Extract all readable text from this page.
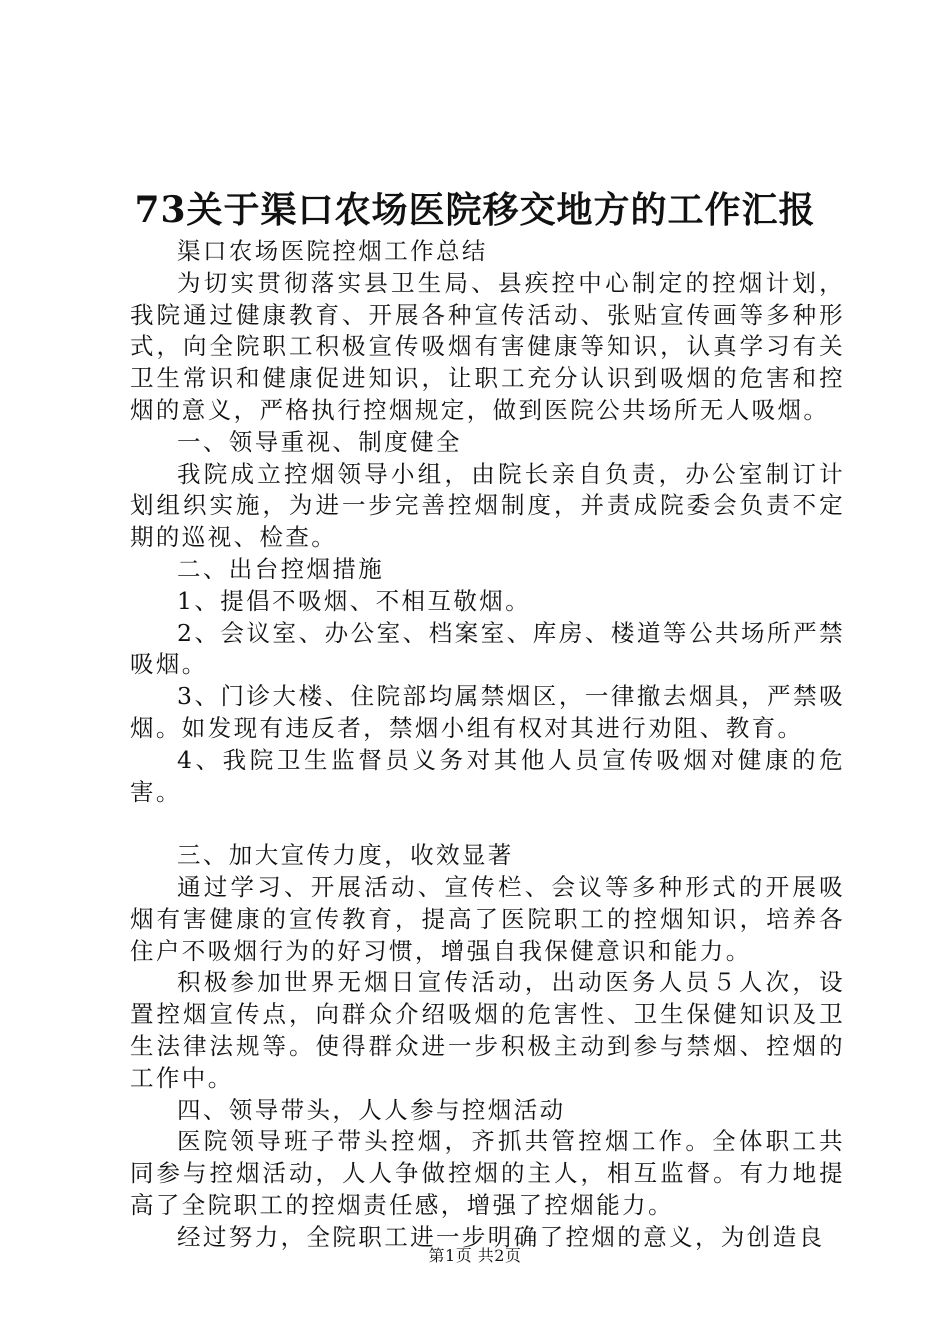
73关于渠口农场医院移交地方的工作汇报

渠口农场医院控烟工作总结

为切实贯彻落实县卫生局、县疾控中心制定的控烟计划，我院通过健康教育、开展各种宣传活动、张贴宣传画等多种形式，向全院职工积极宣传吸烟有害健康等知识，认真学习有关卫生常识和健康促进知识，让职工充分认识到吸烟的危害和控烟的意义，严格执行控烟规定，做到医院公共场所无人吸烟。

一、领导重视、制度健全

我院成立控烟领导小组，由院长亲自负责，办公室制订计划组织实施，为进一步完善控烟制度，并责成院委会负责不定期的巡视、检查。

二、出台控烟措施

1、提倡不吸烟、不相互敬烟。

2、会议室、办公室、档案室、库房、楼道等公共场所严禁吸烟。

3、门诊大楼、住院部均属禁烟区，一律撤去烟具，严禁吸烟。如发现有违反者，禁烟小组有权对其进行劝阻、教育。

4、我院卫生监督员义务对其他人员宣传吸烟对健康的危害。

三、加大宣传力度，收效显著

通过学习、开展活动、宣传栏、会议等多种形式的开展吸烟有害健康的宣传教育，提高了医院职工的控烟知识，培养各住户不吸烟行为的好习惯，增强自我保健意识和能力。

积极参加世界无烟日宣传活动，出动医务人员５人次，设置控烟宣传点，向群众介绍吸烟的危害性、卫生保健知识及卫生法律法规等。使得群众进一步积极主动到参与禁烟、控烟的工作中。

四、领导带头，人人参与控烟活动

医院领导班子带头控烟，齐抓共管控烟工作。全体职工共同参与控烟活动，人人争做控烟的主人，相互监督。有力地提高了全院职工的控烟责任感，增强了控烟能力。

经过努力，全院职工进一步明确了控烟的意义，为创造良

第1页 共2页
